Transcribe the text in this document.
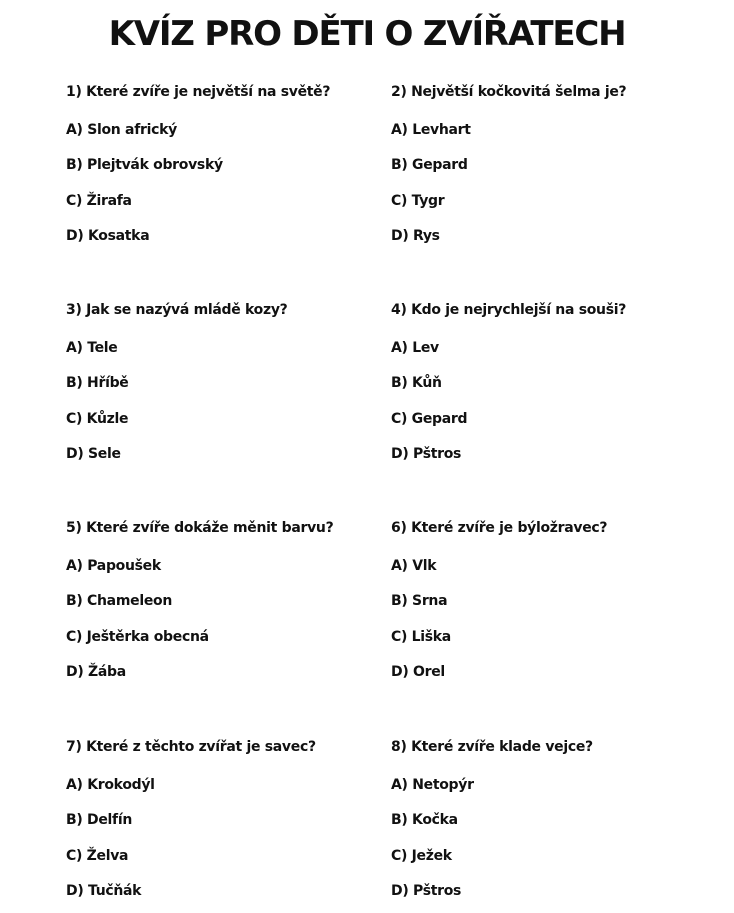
KVÍZ PRO DĚTI O ZVÍŘATECH

1) Které zvíře je největší na světě?

A) Slon africký
B) Plejtvák obrovský
C) Žirafa
D) Kosatka

2) Největší kočkovitá šelma je?

A) Levhart
B) Gepard
C) Tygr
D) Rys

3) Jak se nazývá mládě kozy?

A) Tele
B) Hříbě
C) Kůzle
D) Sele

4) Kdo je nejrychlejší na souši?

A) Lev
B) Kůň
C) Gepard
D) Pštros

5) Které zvíře dokáže měnit barvu?

A) Papoušek
B) Chameleon
C) Ještěrka obecná
D) Žába

6) Které zvíře je býložravec?

A) Vlk
B) Srna
C) Liška
D) Orel

7) Které z těchto zvířat je savec?

A) Krokodýl
B) Delfín
C) Želva
D) Tučňák

8) Které zvíře klade vejce?

A) Netopýr
B) Kočka
C) Ježek
D) Pštros
